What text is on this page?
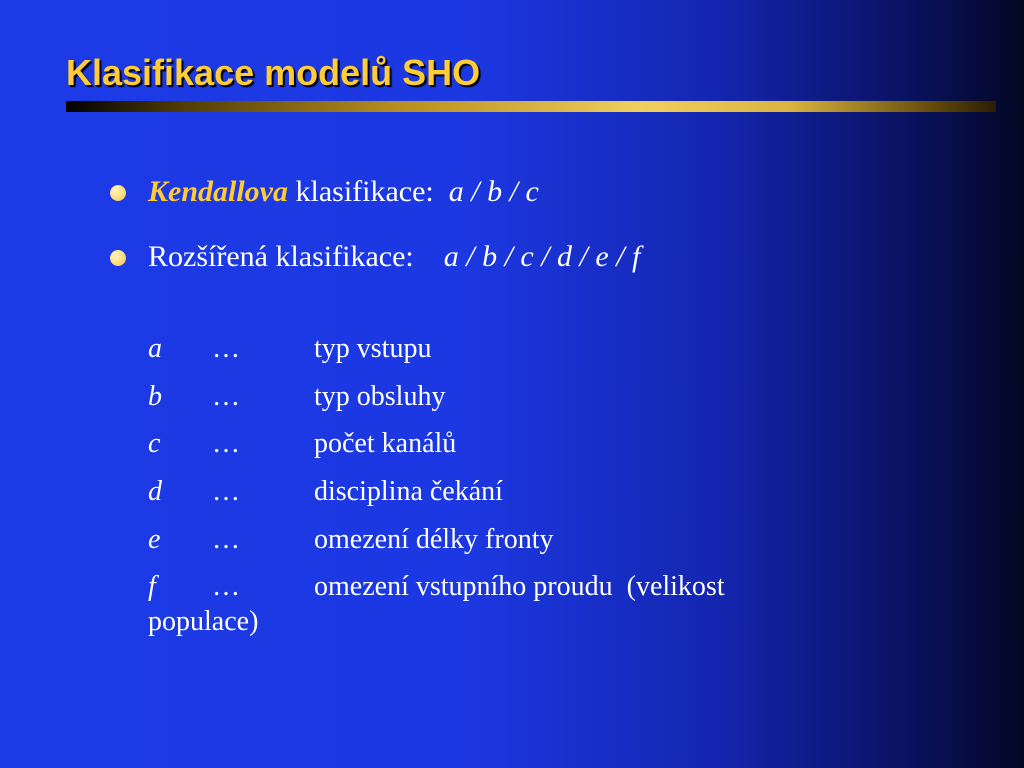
Klasifikace modelů SHO
Kendallova klasifikace:  a / b / c
Rozšířená klasifikace:    a / b / c / d / e / f
a …	typ vstupu
b …	typ obsluhy
c …	počet kanálů
d …	disciplina čekání
e …	omezení délky fronty
f …	omezení vstupního proudu  (velikost
populace)
